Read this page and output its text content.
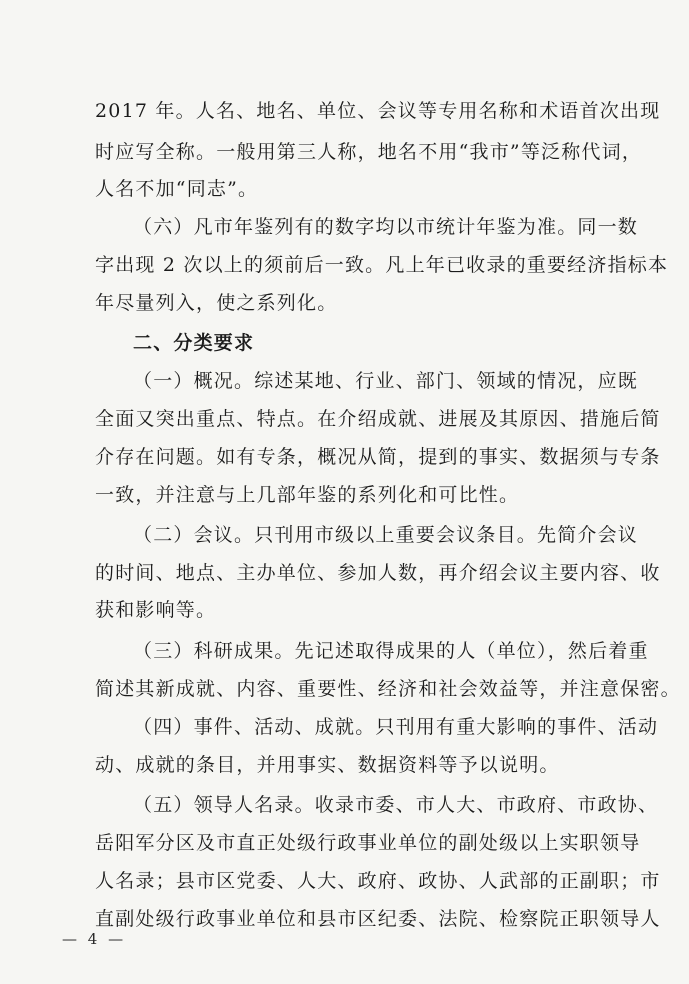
2017 年。人名、地名、单位、会议等专用名称和术语首次出现
时应写全称。一般用第三人称，地名不用“我市”等泛称代词，
人名不加“同志”。
（六）凡市年鉴列有的数字均以市统计年鉴为准。同一数
字出现 2 次以上的须前后一致。凡上年已收录的重要经济指标本
年尽量列入，使之系列化。
二、分类要求
（一）概况。综述某地、行业、部门、领域的情况，应既
全面又突出重点、特点。在介绍成就、进展及其原因、措施后简
介存在问题。如有专条，概况从简，提到的事实、数据须与专条
一致，并注意与上几部年鉴的系列化和可比性。
（二）会议。只刊用市级以上重要会议条目。先简介会议
的时间、地点、主办单位、参加人数，再介绍会议主要内容、收
获和影响等。
（三）科研成果。先记述取得成果的人（单位），然后着重
简述其新成就、内容、重要性、经济和社会效益等，并注意保密。
（四）事件、活动、成就。只刊用有重大影响的事件、活动
动、成就的条目，并用事实、数据资料等予以说明。
（五）领导人名录。收录市委、市人大、市政府、市政协、
岳阳军分区及市直正处级行政事业单位的副处级以上实职领导
人名录；县市区党委、人大、政府、政协、人武部的正副职；市
直副处级行政事业单位和县市区纪委、法院、检察院正职领导人
— 4 —
